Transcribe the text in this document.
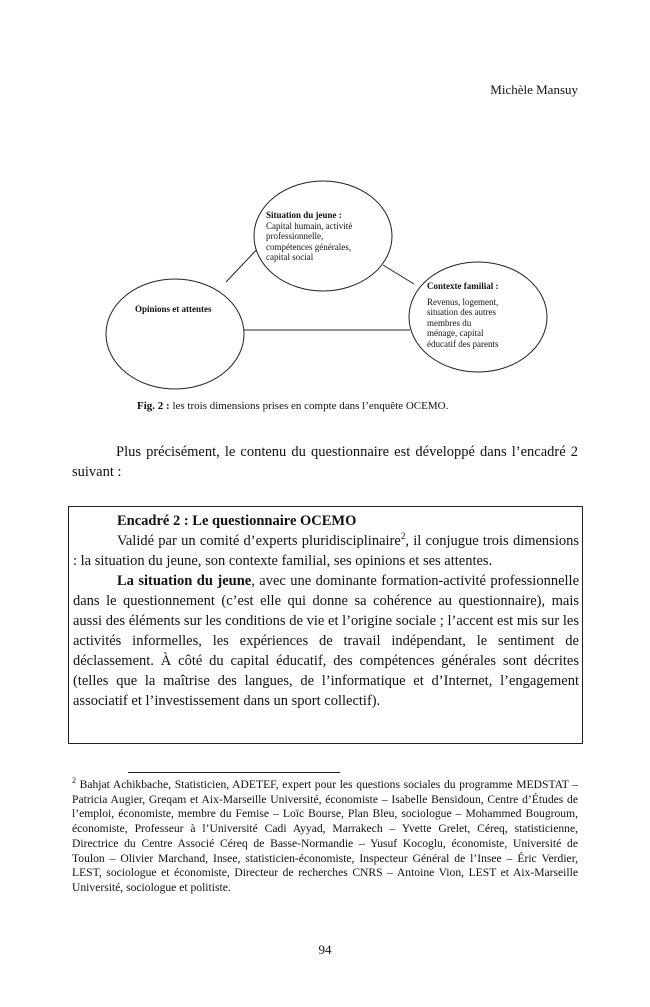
Michèle Mansuy
Situation du jeune :
Capital humain, activité
professionnelle,
compétences générales,
capital social
Opinions et attentes
Contexte familial :
Revenus, logement,
situation des autres
membres du
ménage, capital
éducatif des parents
Fig. 2 : les trois dimensions prises en compte dans l’enquête OCEMO.

Plus précisément, le contenu du questionnaire est développé dans l’encadré 2 suivant :

Encadré 2 : Le questionnaire OCEMO
Validé par un comité d’experts pluridisciplinaire$^2$, il conjugue trois dimensions : la situation du jeune, son contexte familial, ses opinions et ses attentes.
La situation du jeune, avec une dominante formation-activité professionnelle dans le questionnement (c’est elle qui donne sa cohérence au questionnaire), mais aussi des éléments sur les conditions de vie et l’origine sociale ; l’accent est mis sur les activités informelles, les expériences de travail indépendant, le sentiment de déclassement. À côté du capital éducatif, des compétences générales sont décrites (telles que la maîtrise des langues, de l’informatique et d’Internet, l’engagement associatif et l’investissement dans un sport collectif).
$^2$ Bahjat Achikbache, Statisticien, ADETEF, expert pour les questions sociales du programme MEDSTAT – Patricia Augier, Greqam et Aix-Marseille Université, économiste – Isabelle Bensidoun, Centre d’Études de l’emploi, économiste, membre du Femise – Loïc Bourse, Plan Bleu, sociologue – Mohammed Bougroum, économiste, Professeur à l’Université Cadi Ayyad, Marrakech – Yvette Grelet, Céreq, statisticienne, Directrice du Centre Associé Céreq de Basse-Normandie – Yusuf Kocoglu, économiste, Université de Toulon – Olivier Marchand, Insee, statisticien-économiste, Inspecteur Général de l’Insee – Éric Verdier, LEST, sociologue et économiste, Directeur de recherches CNRS – Antoine Vion, LEST et Aix-Marseille Université, sociologue et politiste.
94
